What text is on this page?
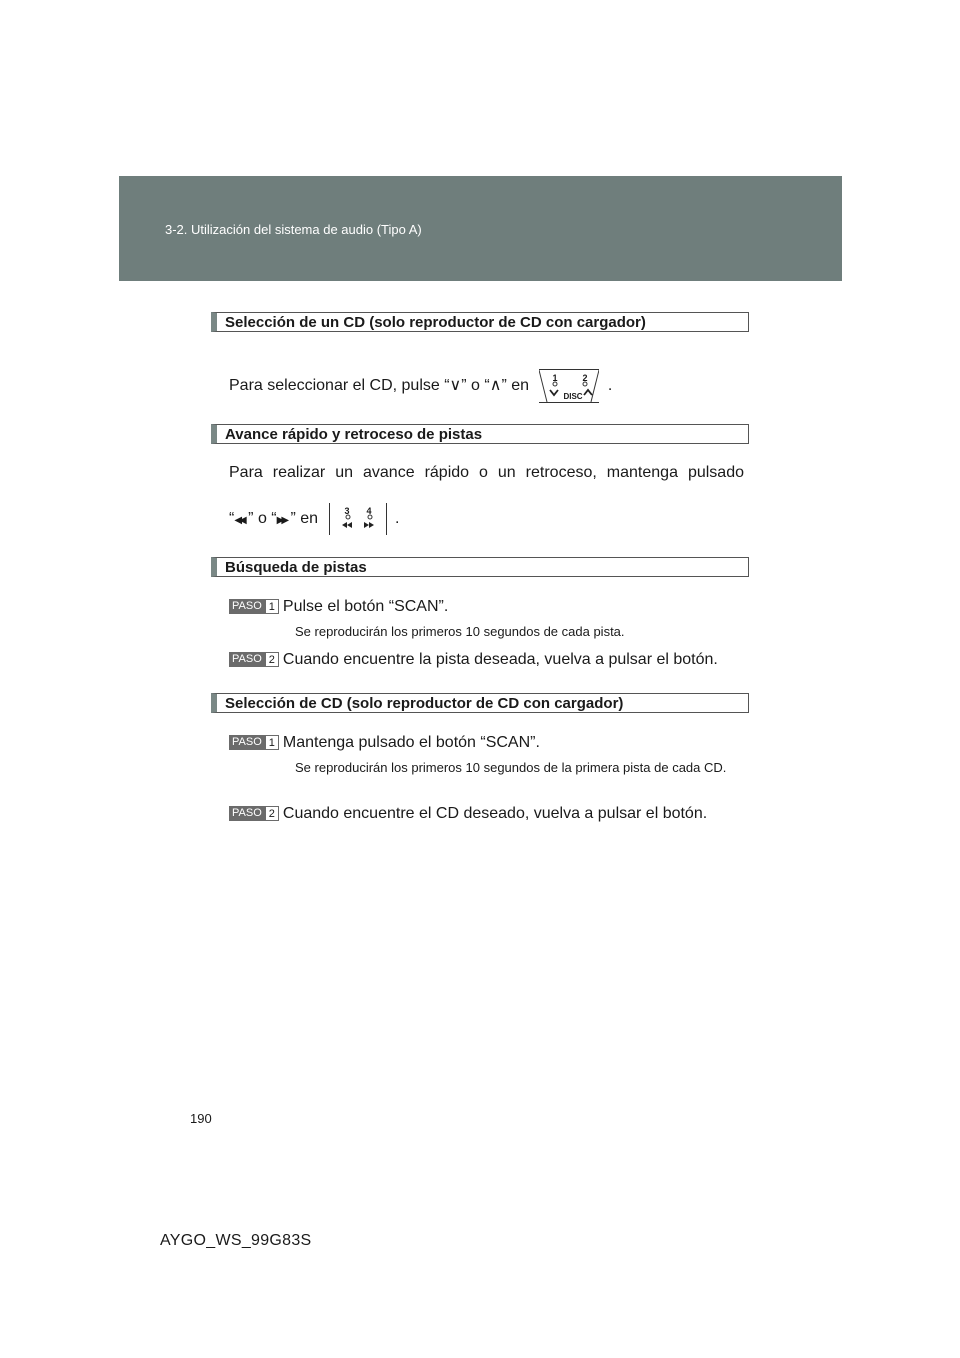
3-2. Utilización del sistema de audio (Tipo A)
Selección de un CD (solo reproductor de CD con cargador)
Para seleccionar el CD, pulse “∨” o “∧” en	1	2
DISC
.
Avance rápido y retroceso de pistas
Para realizar un avance rápido o un retroceso, mantenga pulsado
“◀◀ ” o “▶▶ ” en	3 4 .
Búsqueda de pistas
PASO 1 Pulse el botón “SCAN”.
Se reproducirán los primeros 10 segundos de cada pista.
PASO 2 Cuando encuentre la pista deseada, vuelva a pulsar el botón.
Selección de CD (solo reproductor de CD con cargador)
PASO 1 Mantenga pulsado el botón “SCAN”.
Se reproducirán los primeros 10 segundos de la primera pista de cada CD.
PASO 2 Cuando encuentre el CD deseado, vuelva a pulsar el botón.
190
AYGO_WS_99G83S
